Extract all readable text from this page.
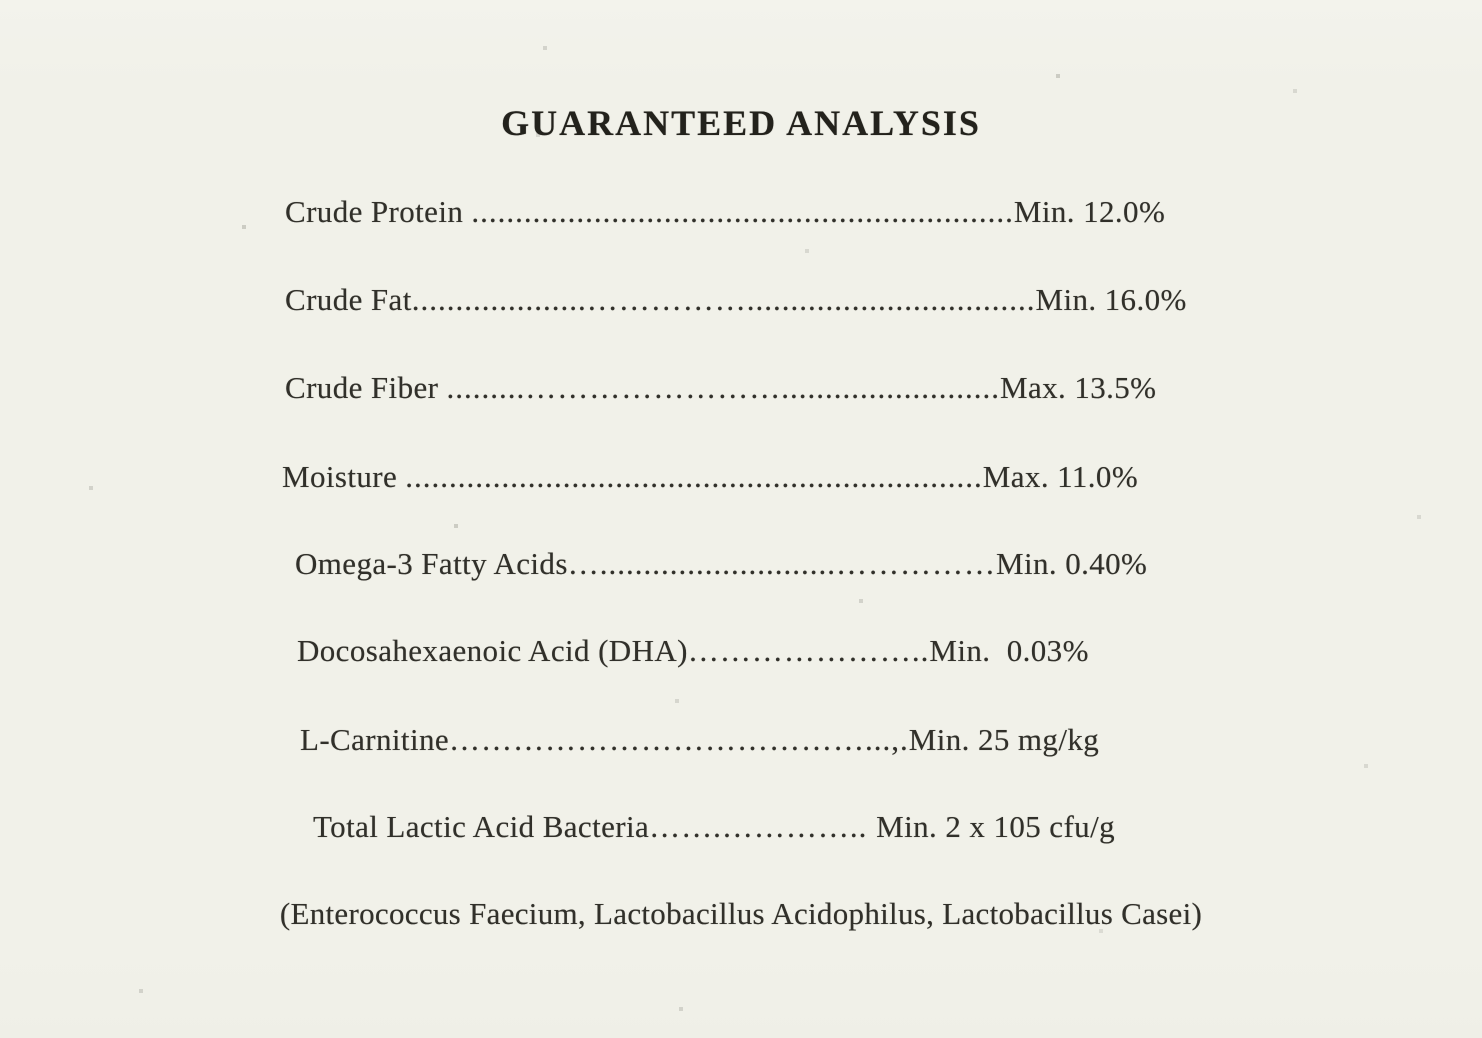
GUARANTEED ANALYSIS
Crude Protein ..............................................................Min. 12.0%
Crude Fat....................…………….................................Min. 16.0%
Crude Fiber .........…………………….........................Max. 13.5%
Moisture ..................................................................Max. 11.0%
Omega-3 Fatty Acids…...........................……………Min. 0.40%
Docosahexaenoic Acid (DHA)…………………..Min.  0.03%
L-Carnitine…………………………………...,.Min. 25 mg/kg
Total Lactic Acid Bacteria…….………….. Min. 2 x 105 cfu/g
(Enterococcus Faecium, Lactobacillus Acidophilus, Lactobacillus Casei)
